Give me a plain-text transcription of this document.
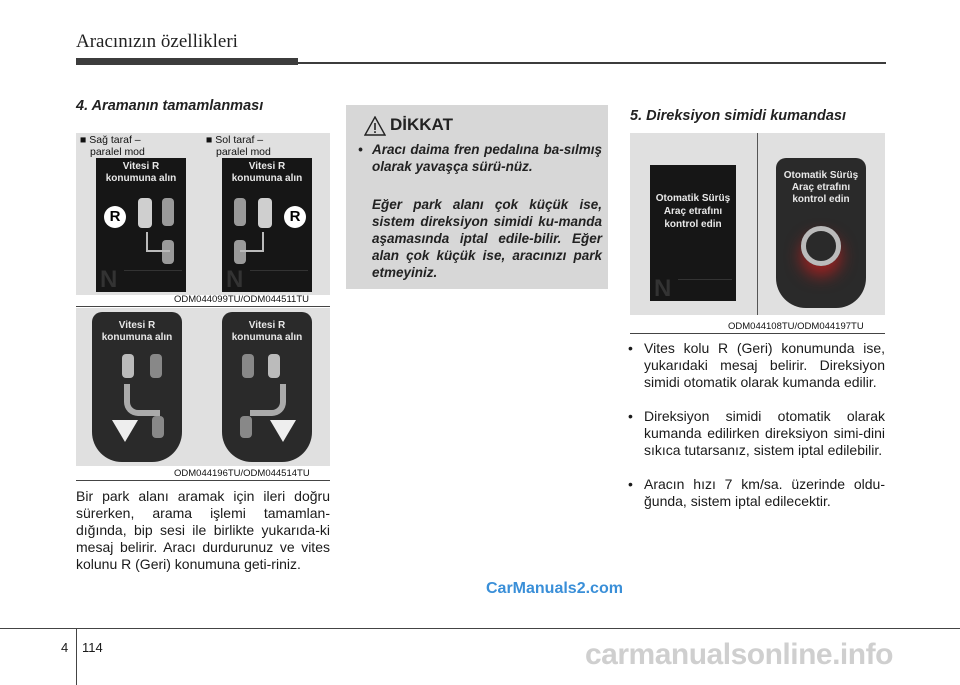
Aracınızın özellikleri
4. Aramanın tamamlanması
■ Sağ taraf –
paralel mod
■ Sol taraf –
paralel mod
Vitesi R
konumuna alın
R
N
Vitesi R
konumuna alın
R
N
ODM044099TU/ODM044511TU
Vitesi R
konumuna alın
Vitesi R
konumuna alın
ODM044196TU/ODM044514TU
Bir park alanı aramak için ileri doğru sürerken, arama işlemi tamamlan-dığında, bip sesi ile birlikte yukarıda-ki mesaj belirir. Aracı durdurunuz ve vites kolunu R (Geri) konumuna geti-riniz.
DİKKAT
• Aracı daima fren pedalına ba-sılmış olarak yavaşça sürü-nüz.
Eğer park alanı çok küçük ise, sistem direksiyon simidi ku-manda aşamasında iptal edile-bilir. Eğer alan çok küçük ise, aracınızı park etmeyiniz.
5. Direksiyon simidi kumandası
Otomatik Sürüş
Araç etrafını
kontrol edin
N
Otomatik Sürüş
Araç etrafını
kontrol edin
ODM044108TU/ODM044197TU
• Vites kolu R (Geri) konumunda ise, yukarıdaki mesaj belirir. Direksiyon simidi otomatik olarak kumanda edilir.
• Direksiyon simidi otomatik olarak kumanda edilirken direksiyon simi-dini sıkıca tutarsanız, sistem iptal edilebilir.
• Aracın hızı 7 km/sa. üzerinde oldu-ğunda, sistem iptal edilecektir.
CarManuals2.com
4 114	carmanualsonline.info
